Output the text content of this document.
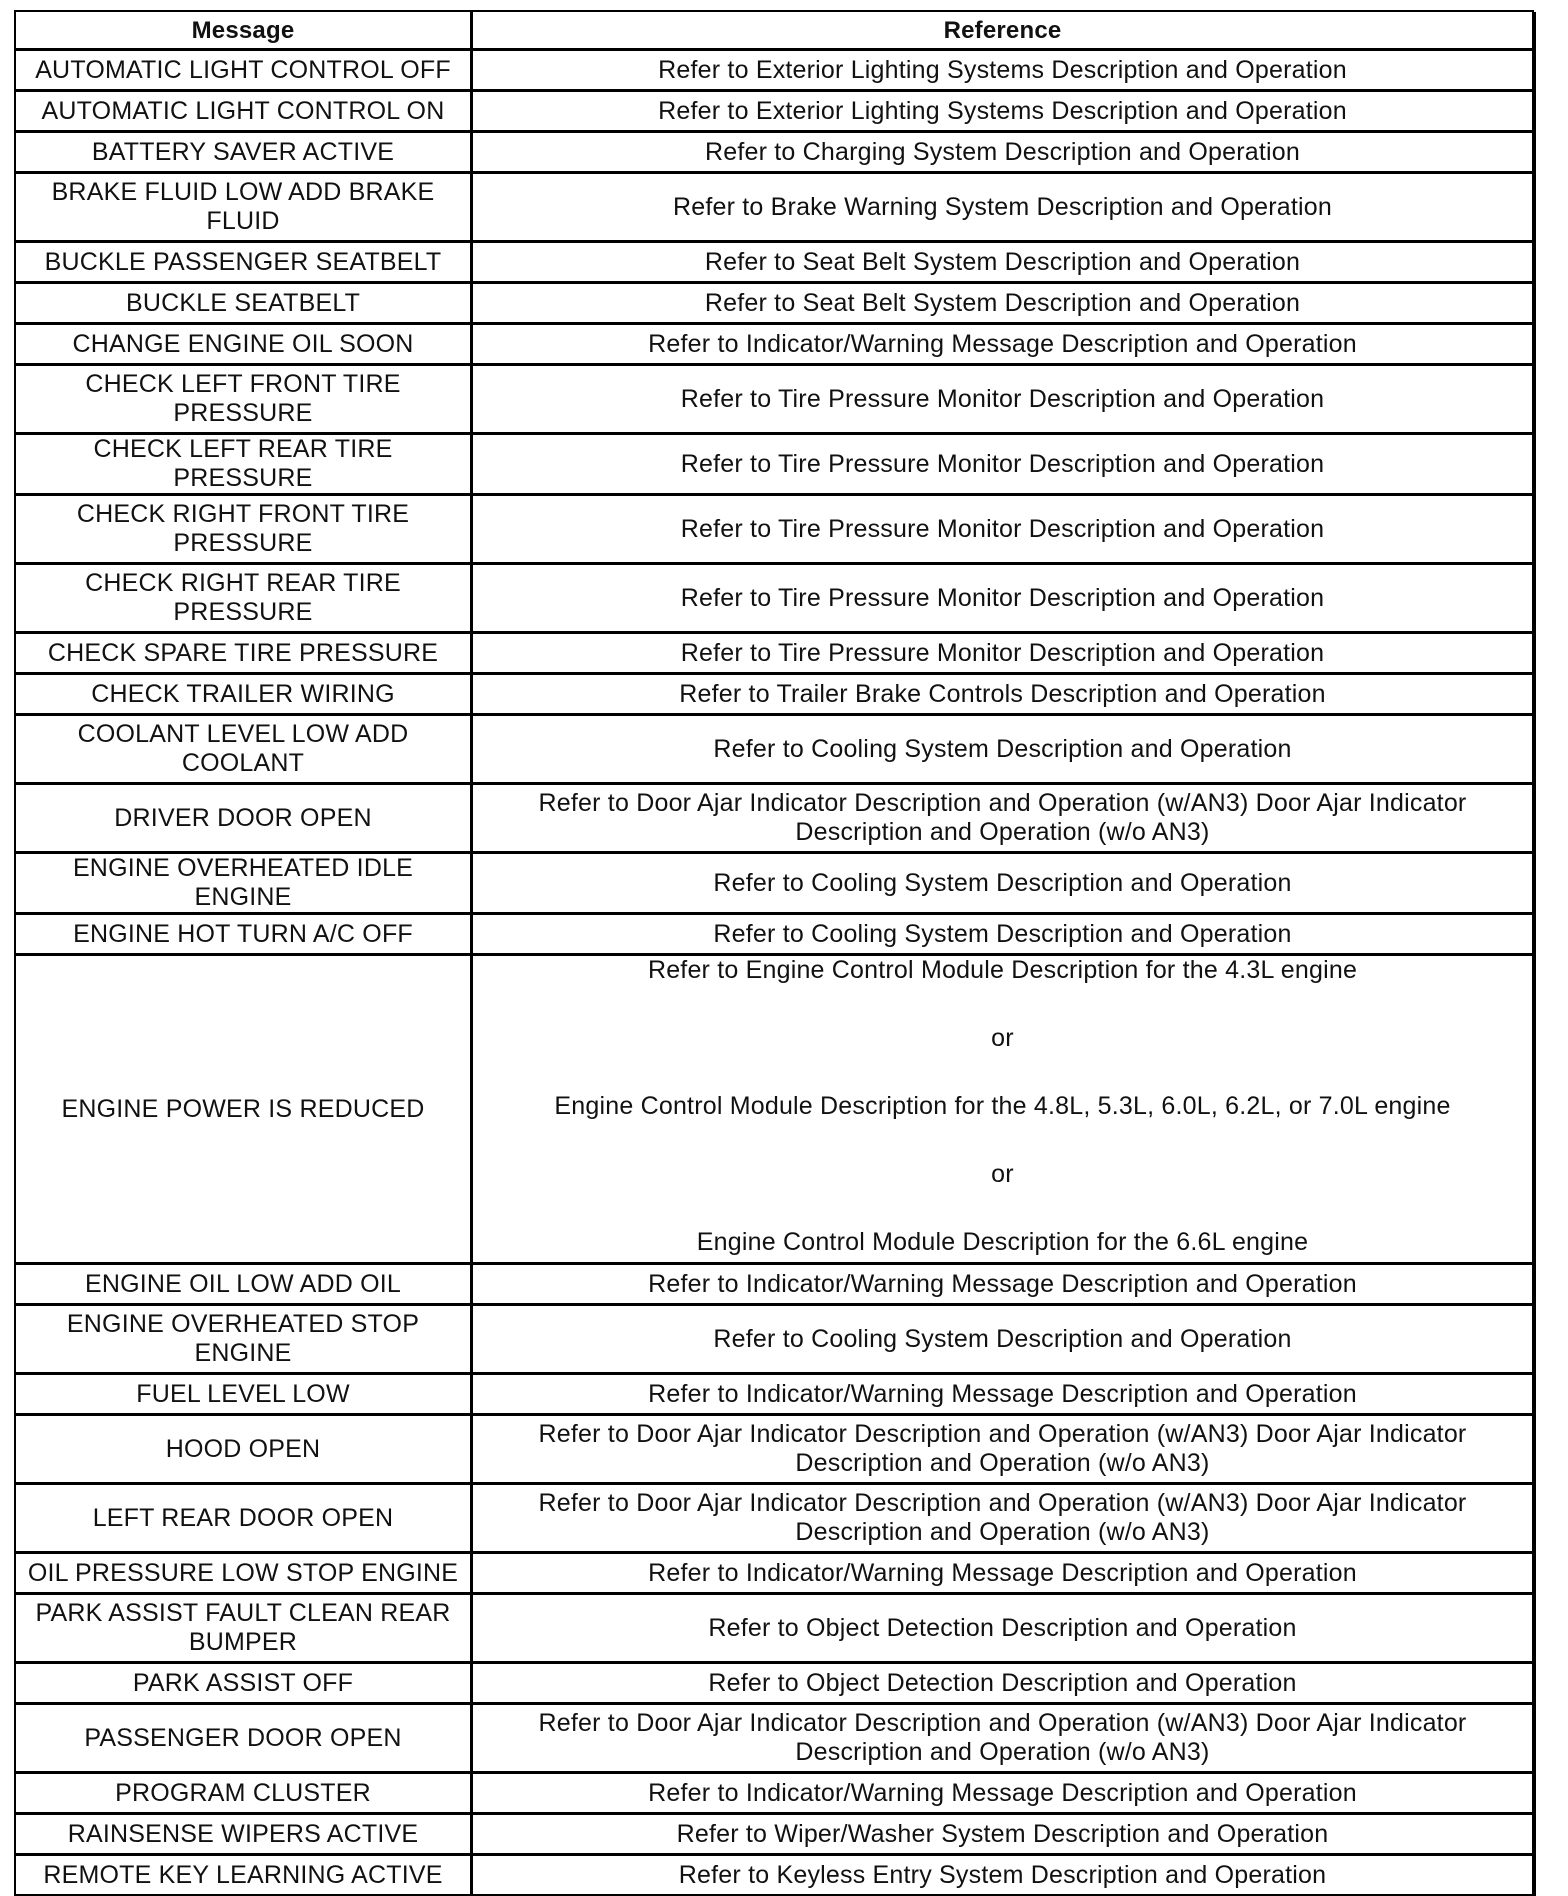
Message	Reference
AUTOMATIC LIGHT CONTROL OFF	Refer to Exterior Lighting Systems Description and Operation
AUTOMATIC LIGHT CONTROL ON	Refer to Exterior Lighting Systems Description and Operation
BATTERY SAVER ACTIVE	Refer to Charging System Description and Operation
BRAKE FLUID LOW ADD BRAKE FLUID	Refer to Brake Warning System Description and Operation
BUCKLE PASSENGER SEATBELT	Refer to Seat Belt System Description and Operation
BUCKLE SEATBELT	Refer to Seat Belt System Description and Operation
CHANGE ENGINE OIL SOON	Refer to Indicator/Warning Message Description and Operation
CHECK LEFT FRONT TIRE PRESSURE	Refer to Tire Pressure Monitor Description and Operation
CHECK LEFT REAR TIRE PRESSURE	Refer to Tire Pressure Monitor Description and Operation
CHECK RIGHT FRONT TIRE PRESSURE	Refer to Tire Pressure Monitor Description and Operation
CHECK RIGHT REAR TIRE PRESSURE	Refer to Tire Pressure Monitor Description and Operation
CHECK SPARE TIRE PRESSURE	Refer to Tire Pressure Monitor Description and Operation
CHECK TRAILER WIRING	Refer to Trailer Brake Controls Description and Operation
COOLANT LEVEL LOW ADD COOLANT	Refer to Cooling System Description and Operation
DRIVER DOOR OPEN	Refer to Door Ajar Indicator Description and Operation (w/AN3) Door Ajar Indicator Description and Operation (w/o AN3)
ENGINE OVERHEATED IDLE ENGINE	Refer to Cooling System Description and Operation
ENGINE HOT TURN A/C OFF	Refer to Cooling System Description and Operation
ENGINE POWER IS REDUCED	Refer to Engine Control Module Description for the 4.3L engine
or
Engine Control Module Description for the 4.8L, 5.3L, 6.0L, 6.2L, or 7.0L engine
or
Engine Control Module Description for the 6.6L engine

ENGINE OIL LOW ADD OIL	Refer to Indicator/Warning Message Description and Operation
ENGINE OVERHEATED STOP ENGINE	Refer to Cooling System Description and Operation
FUEL LEVEL LOW	Refer to Indicator/Warning Message Description and Operation
HOOD OPEN	Refer to Door Ajar Indicator Description and Operation (w/AN3) Door Ajar Indicator Description and Operation (w/o AN3)
LEFT REAR DOOR OPEN	Refer to Door Ajar Indicator Description and Operation (w/AN3) Door Ajar Indicator Description and Operation (w/o AN3)
OIL PRESSURE LOW STOP ENGINE	Refer to Indicator/Warning Message Description and Operation
PARK ASSIST FAULT CLEAN REAR BUMPER	Refer to Object Detection Description and Operation
PARK ASSIST OFF	Refer to Object Detection Description and Operation
PASSENGER DOOR OPEN	Refer to Door Ajar Indicator Description and Operation (w/AN3) Door Ajar Indicator Description and Operation (w/o AN3)
PROGRAM CLUSTER	Refer to Indicator/Warning Message Description and Operation
RAINSENSE WIPERS ACTIVE	Refer to Wiper/Washer System Description and Operation
REMOTE KEY LEARNING ACTIVE	Refer to Keyless Entry System Description and Operation
